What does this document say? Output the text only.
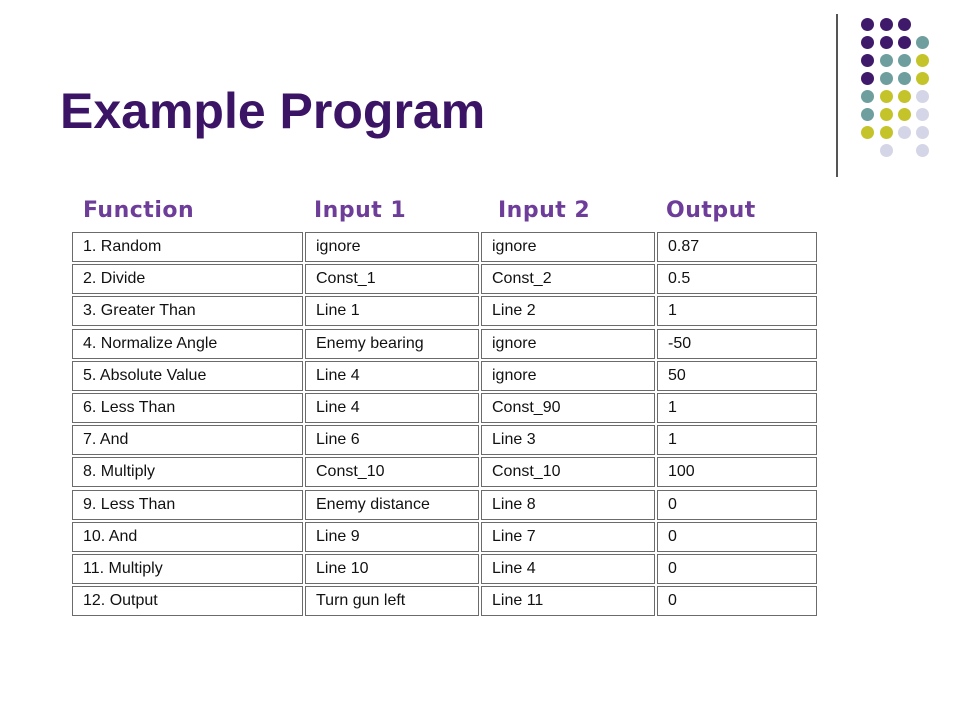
Example Program
Function	Input 1	Input 2	Output
1. Random	ignore	ignore	0.87
2. Divide	Const_1	Const_2	0.5
3. Greater Than	Line 1	Line 2	1
4. Normalize Angle	Enemy bearing	ignore	-50
5. Absolute Value	Line 4	ignore	50
6. Less Than	Line 4	Const_90	1
7. And	Line 6	Line 3	1
8. Multiply	Const_10	Const_10	100
9. Less Than	Enemy distance	Line 8	0
10. And	Line 9	Line 7	0
11. Multiply	Line 10	Line 4	0
12. Output	Turn gun left	Line 11	0
